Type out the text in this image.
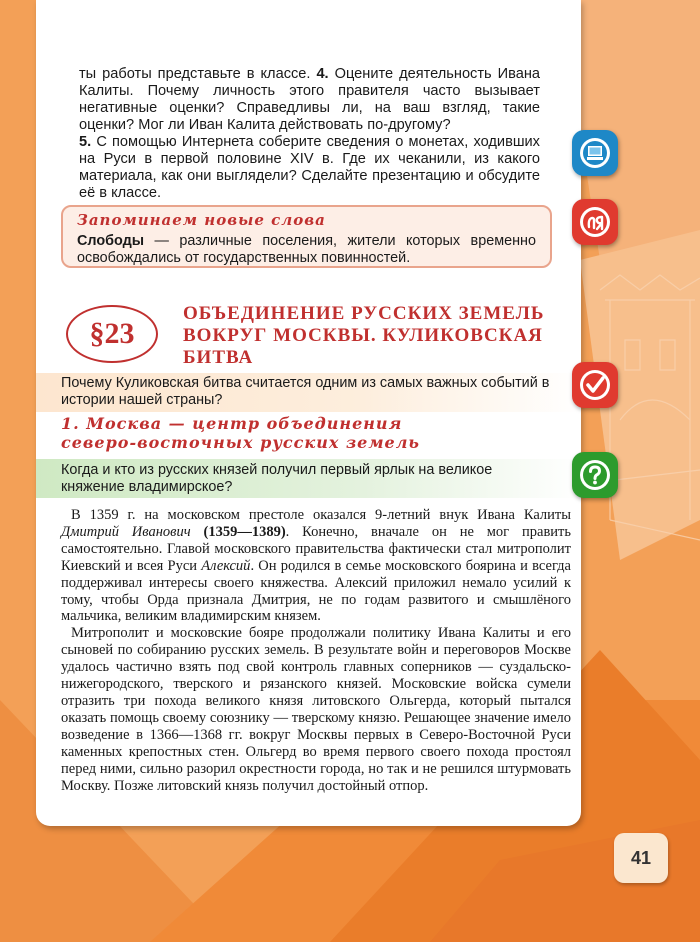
ты работы представьте в классе. 4. Оцените деятельность Ивана Калиты. Почему личность этого правителя часто вызывает негативные оценки? Справедливы ли, на ваш взгляд, такие оценки? Мог ли Иван Калита действовать по-другому?

5. С помощью Интернета соберите сведения о монетах, ходивших на Руси в первой половине XIV в. Где их чеканили, из какого материала, как они выглядели? Сделайте презентацию и обсудите её в классе.

Запоминаем новые слова

Слободы — различные поселения, жители которых временно освобождались от государственных повинностей.

§23
ОБЪЕДИНЕНИЕ РУССКИХ ЗЕМЕЛЬ ВОКРУГ МОСКВЫ. КУЛИКОВСКАЯ БИТВА
Почему Куликовская битва считается одним из самых важных событий в истории нашей страны?
1. Москва — центр объединения
северо-восточных русских земель
Когда и кто из русских князей получил первый ярлык на великое княжение владимирское?

В 1359 г. на московском престоле оказался 9-летний внук Ивана Калиты Дмитрий Иванович (1359—1389). Конечно, вначале он не мог править самостоятельно. Главой московского правительства фактически стал митрополит Киевский и всея Руси Алексий. Он родился в семье московского боярина и всегда поддерживал интересы своего княжества. Алексий приложил немало усилий к тому, чтобы Орда признала Дмитрия, не по годам развитого и смышлёного мальчика, великим владимирским князем.

Митрополит и московские бояре продолжали политику Ивана Калиты и его сыновей по собиранию русских земель. В результате войн и переговоров Москве удалось частично взять под свой контроль главных соперников — суздальско-нижегородского, тверского и рязанского князей. Московские войска сумели отразить три похода великого князя литовского Ольгерда, который пытался оказать помощь своему союзнику — тверскому князю. Решающее значение имело возведение в 1366—1368 гг. вокруг Москвы первых в Северо-Восточной Руси каменных крепостных стен. Ольгерд во время первого своего похода простоял перед ними, сильно разорил окрестности города, но так и не решился штурмовать Москву. Позже литовский князь получил достойный отпор.

41
